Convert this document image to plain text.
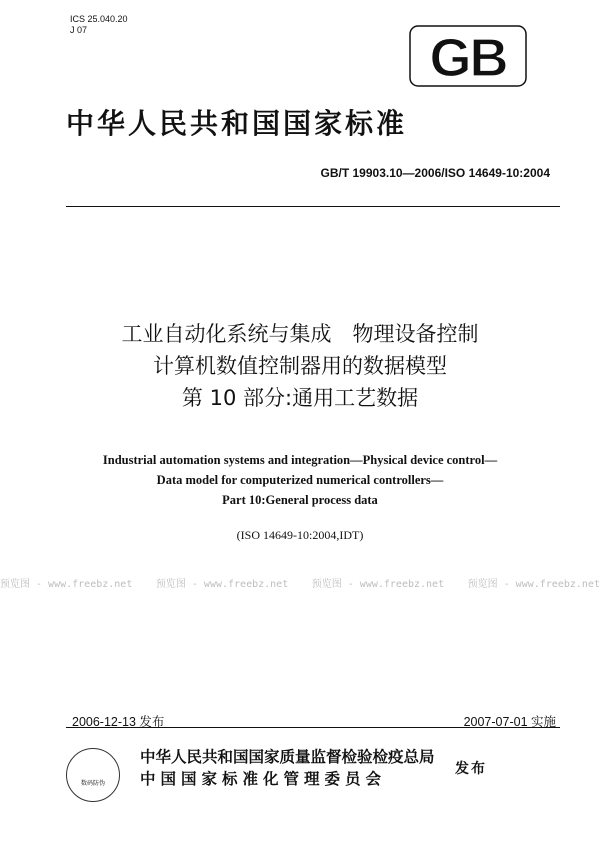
ICS 25.040.20
J 07	GB
中华人民共和国国家标准
GB/T 19903.10—2006/ISO 14649-10:2004
工业自动化系统与集成　物理设备控制
计算机数值控制器用的数据模型
第 10 部分:通用工艺数据
Industrial automation systems and integration—Physical device control—
Data model for computerized numerical controllers—
Part 10:General process data
(ISO 14649-10:2004,IDT)
预览图 - www.freebz.net 预览图 - www.freebz.net 预览图 - www.freebz.net 预览图 - www.freebz.net
2006-12-13 发布	2007-07-01 实施
数码防伪
中华人民共和国国家质量监督检验检疫总局
中国国家标准化管理委员会
发布
